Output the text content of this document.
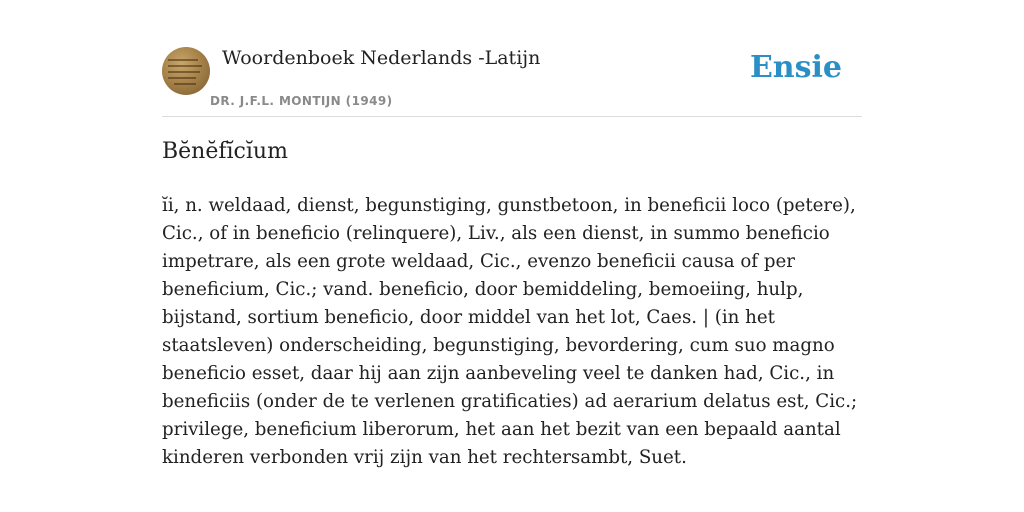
Woordenboek Nederlands -Latijn
DR. J.F.L. MONTIJN (1949)
Ensie
Bĕnĕfĭcĭum

ĭi, n. weldaad, dienst, begunstiging, gunstbetoon, in beneficii loco (petere), Cic., of in beneficio (relinquere), Liv., als een dienst, in summo beneficio impetrare, als een grote weldaad, Cic., evenzo beneficii causa of per beneficium, Cic.; vand. beneficio, door bemiddeling, bemoeiing, hulp, bijstand, sortium beneficio, door middel van het lot, Caes. | (in het staatsleven) onderscheiding, begunstiging, bevordering, cum suo magno beneficio esset, daar hij aan zijn aanbeveling veel te danken had, Cic., in beneficiis (onder de te verlenen gratificaties) ad aerarium delatus est, Cic.; privilege, beneficium liberorum, het aan het bezit van een bepaald aantal kinderen verbonden vrij zijn van het rechtersambt, Suet.
